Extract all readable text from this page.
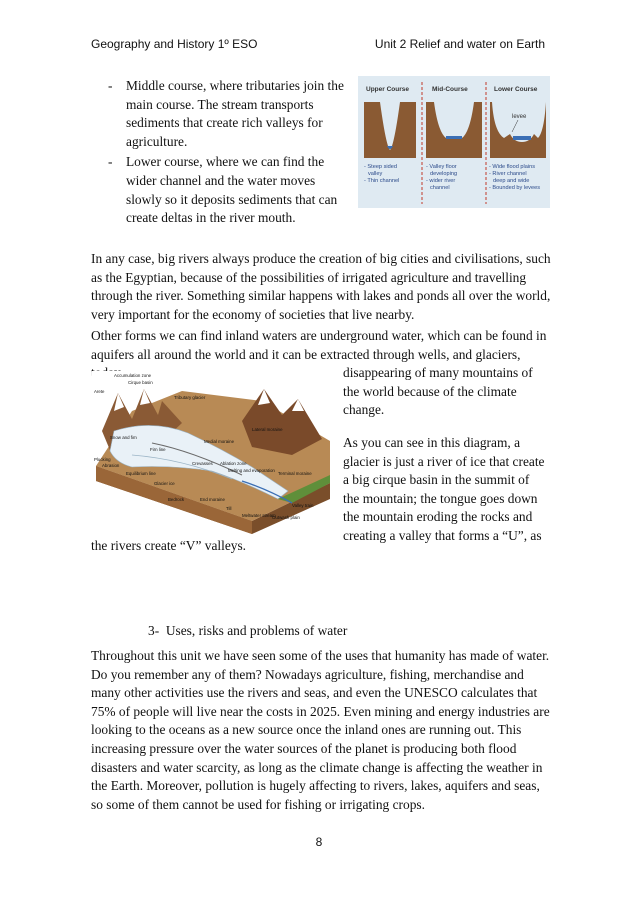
Geography and History 1º ESO	Unit 2 Relief and water on Earth
- Middle course, where tributaries join the main course. The stream transports sediments that create rich valleys for agriculture.
- Lower course, where we can find the wider channel and the water moves slowly so it deposits sediments that can create deltas in the river mouth.
Upper Course	Mid-Course	Lower Course
levee
- Steep sided
valley
- Thin channel
- Valley floor
developing
- wider river
channel
- Wide flood plains
- River channel
deep and wide
- Bounded by levees

In any case, big rivers always produce the creation of big cities and civilisations, such as the Egyptian, because of the possibilities of irrigated agriculture and travelling through the river. Something similar happens with lakes and ponds all over the world, very important for the economy of societies that live nearby.

Other forms we can find inland waters are underground water, which can be found in aquifers all around the world and it can be extracted through wells, and glaciers,

Accumulation zone
Cirque basin
Arete
Tributary glacier
Lateral moraine
Snow and firn
Firn line
Medial moraine
Plucking
Abrasion
Equilibrium line
Crevasses Ablation zone
Melting and evaporation
Terminal moraine
Glacier ice
Bedrock	End moraine
Till
Meltwater stream
Valley train
Outwash plain

disappearing of many mountains of the world because of the climate change.

As you can see in this diagram, a glacier is just a river of ice that create a big cirque basin in the summit of the mountain; the tongue goes down the mountain eroding the rocks and creating a valley that forms a “U”, as

the rivers create “V” valleys.

3- Uses, risks and problems of water

Throughout this unit we have seen some of the uses that humanity has made of water. Do you remember any of them? Nowadays agriculture, fishing, merchandise and many other activities use the rivers and seas, and even the UNESCO calculates that 75% of people will live near the costs in 2025. Even mining and energy industries are looking to the oceans as a new source once the inland ones are running out. This increasing pressure over the water sources of the planet is producing both flood disasters and water scarcity, as long as the climate change is affecting the weather in the Earth. Moreover, pollution is hugely affecting to rivers, lakes, aquifers and seas, so some of them cannot be used for fishing or irrigating crops.

8
